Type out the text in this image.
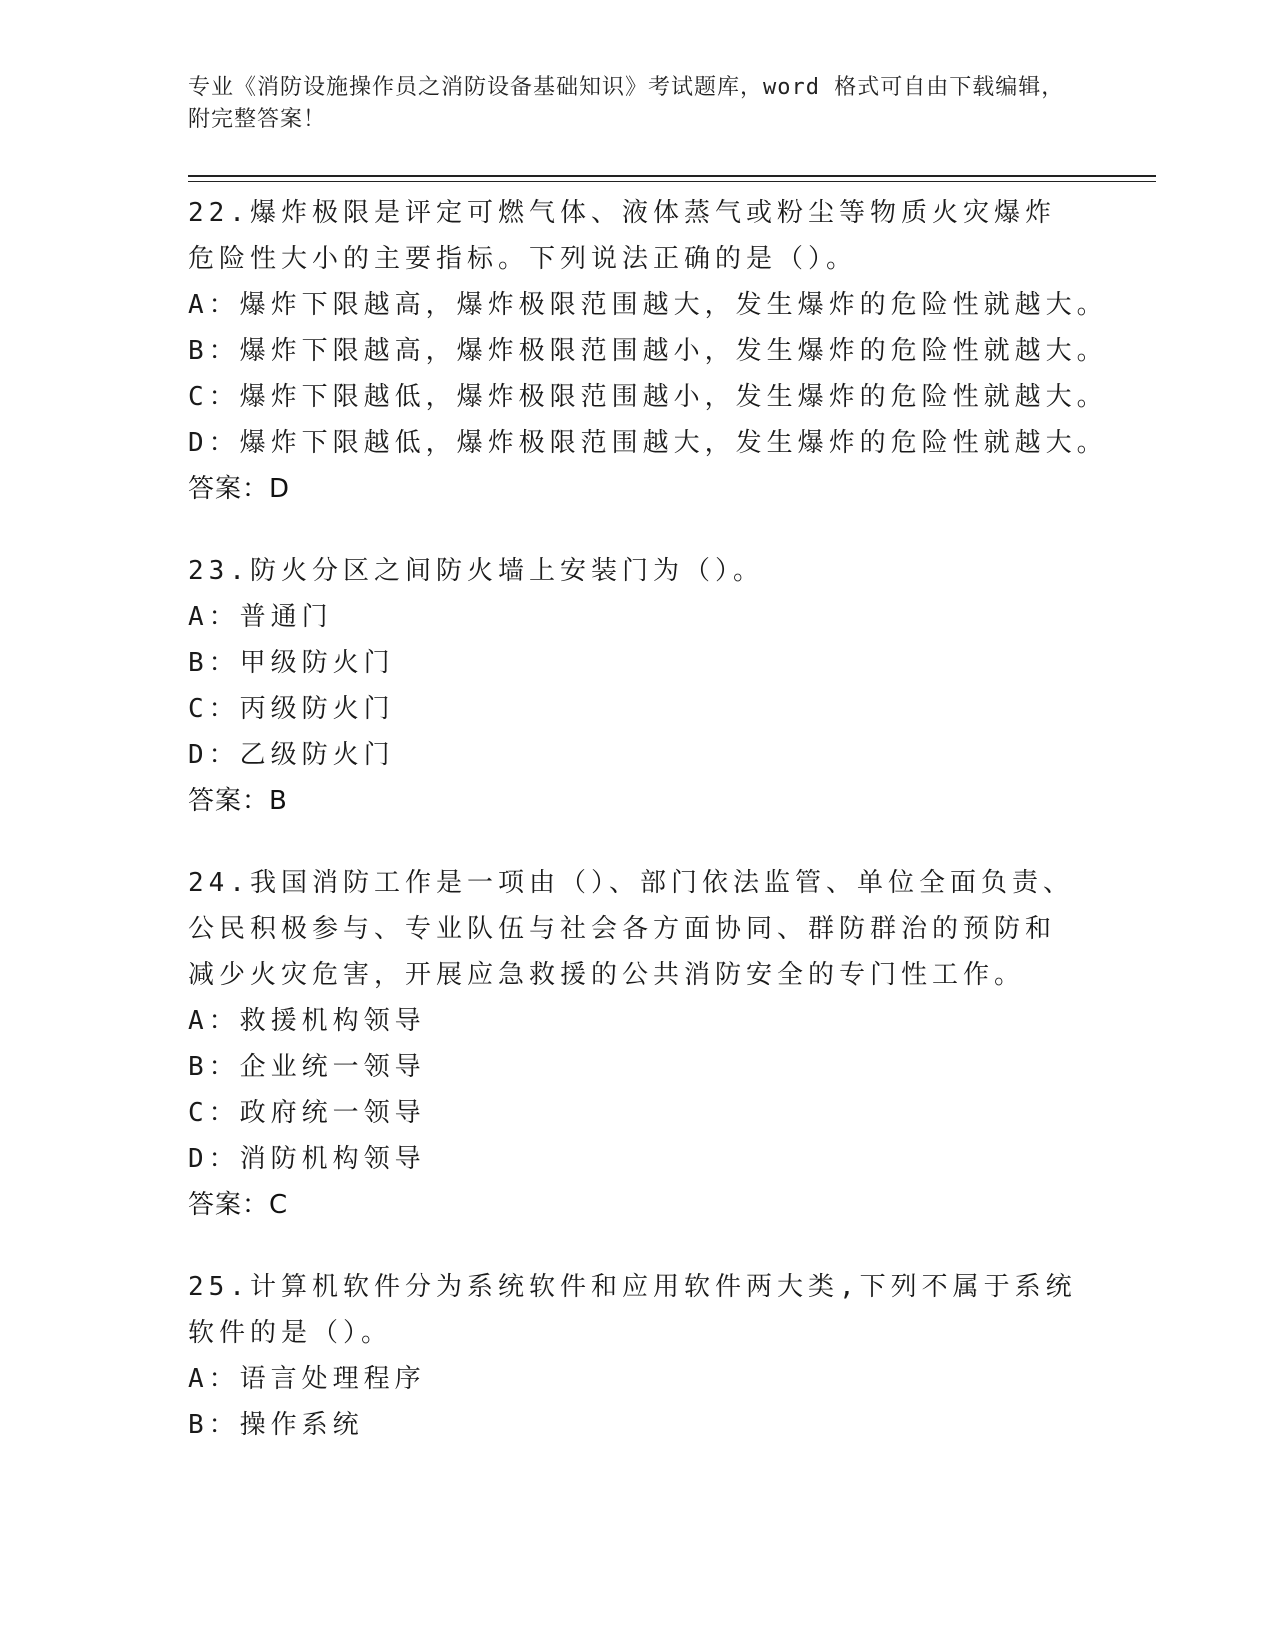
专业《消防设施操作员之消防设备基础知识》考试题库，word 格式可自由下载编辑，附完整答案！
22.爆炸极限是评定可燃气体、液体蒸气或粉尘等物质火灾爆炸危险性大小的主要指标。下列说法正确的是（）。
A：爆炸下限越高，爆炸极限范围越大，发生爆炸的危险性就越大。
B：爆炸下限越高，爆炸极限范围越小，发生爆炸的危险性就越大。
C：爆炸下限越低，爆炸极限范围越小，发生爆炸的危险性就越大。
D：爆炸下限越低，爆炸极限范围越大，发生爆炸的危险性就越大。
答案：D
23.防火分区之间防火墙上安装门为（）。
A：普通门
B：甲级防火门
C：丙级防火门
D：乙级防火门
答案：B
24.我国消防工作是一项由（）、部门依法监管、单位全面负责、公民积极参与、专业队伍与社会各方面协同、群防群治的预防和减少火灾危害，开展应急救援的公共消防安全的专门性工作。
A：救援机构领导
B：企业统一领导
C：政府统一领导
D：消防机构领导
答案：C
25.计算机软件分为系统软件和应用软件两大类,下列不属于系统软件的是（）。
A：语言处理程序
B：操作系统
